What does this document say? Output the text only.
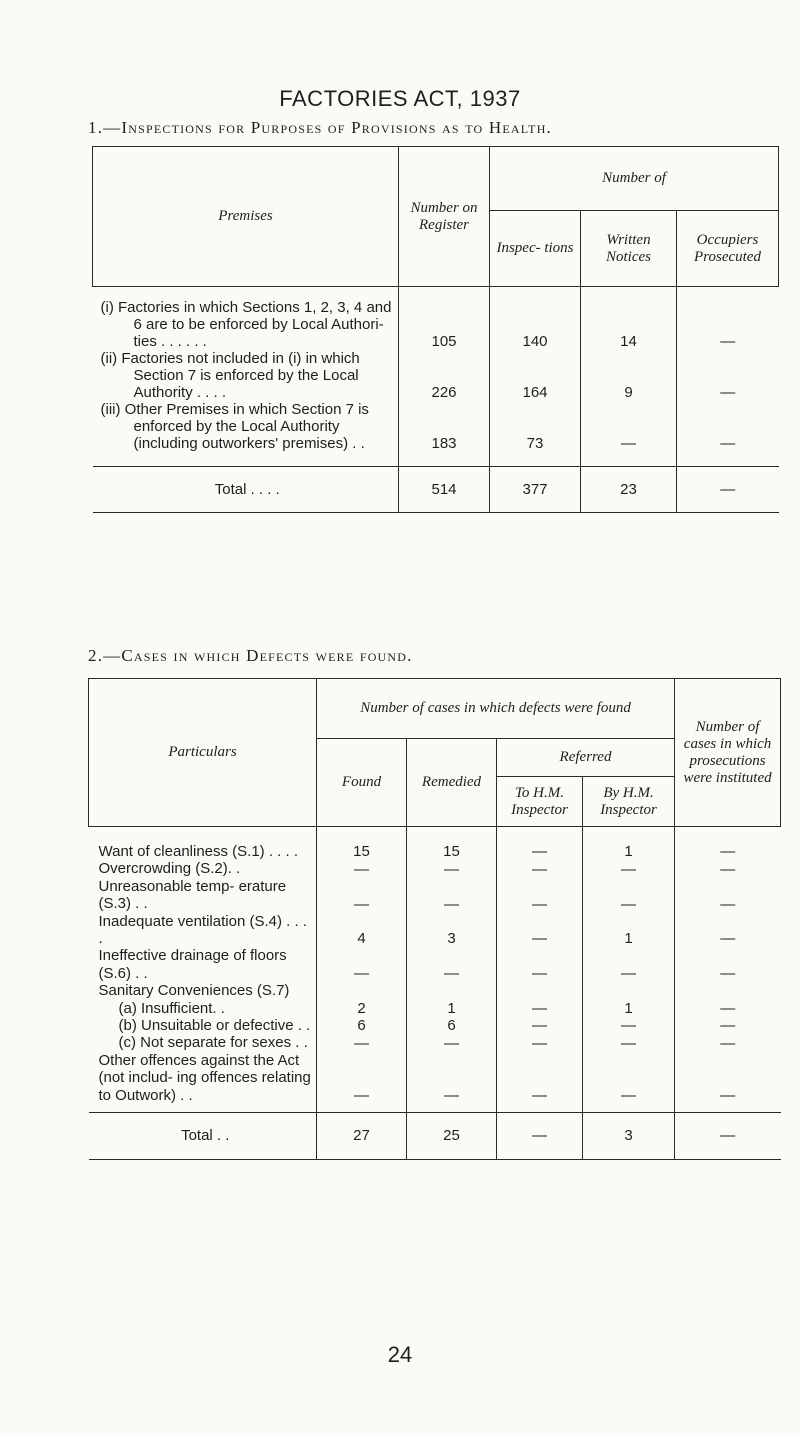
FACTORIES ACT, 1937
1.—Inspections for Purposes of Provisions as to Health.
Premises	Number on Register	Number of		
		Inspec- tions	Written Notices	Occupiers Prosecuted

(i) Factories in which Sections 1, 2, 3, 4 and 6 are to be enforced by Local Authori- ties . . . . . .	105	140	14	—

(ii) Factories not included in (i) in which Section 7 is enforced by the Local Authority . . . .	226	164	9	—

(iii) Other Premises in which Section 7 is enforced by the Local Authority (including outworkers' premises) . .	183	73	—	—
Total . . . .	514	377	23	—
2.—Cases in which Defects were found.
Particulars	Number of cases in which defects were found				Number of cases in which prosecutions were instituted
	Found	Remedied	Referred		
			To H.M. Inspector	By H.M. Inspector	
Want of cleanliness (S.1) . . . .	15	15	—	1	—
Overcrowding (S.2). .	—	—	—	—	—
Unreasonable temp- erature (S.3) . .	—	—	—	—	—
Inadequate ventilation (S.4) . . . .	4	3	—	1	—
Ineffective drainage of floors (S.6) . .	—	—	—	—	—
Sanitary Conveniences (S.7)					

(a) Insufficient. .	2	1	—	1	—

(b) Unsuitable or defective . .	6	6	—	—	—

(c) Not separate for sexes . .	—	—	—	—	—
Other offences against the Act (not includ- ing offences relating to Outwork) . .	—	—	—	—	—
Total . .	27	25	—	3	—
24
